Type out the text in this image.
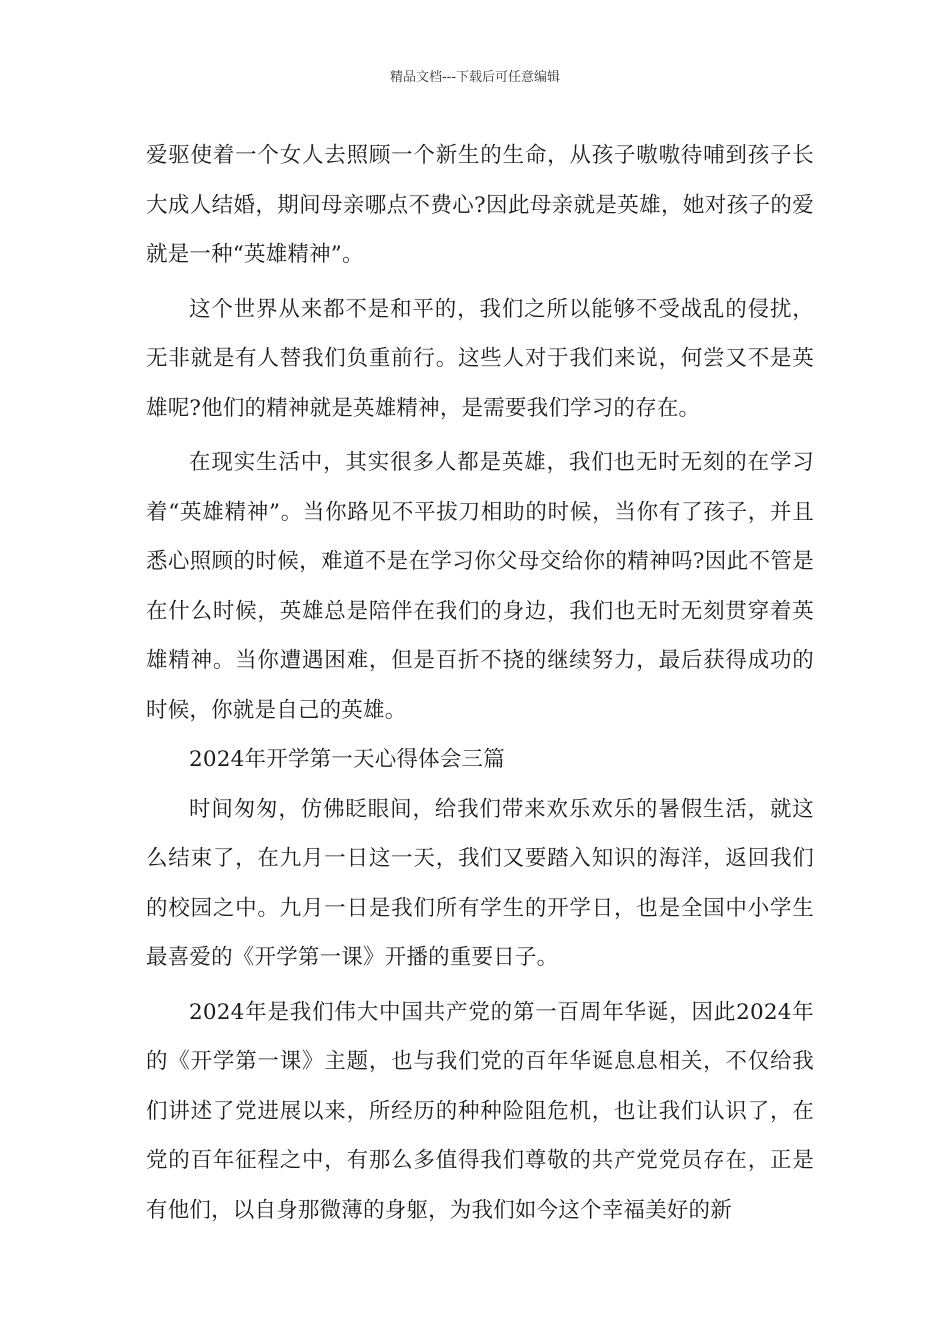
精品文档---下载后可任意编辑

爱驱使着一个女人去照顾一个新生的生命，从孩子嗷嗷待哺到孩子长大成人结婚，期间母亲哪点不费心?因此母亲就是英雄，她对孩子的爱就是一种“英雄精神”。

这个世界从来都不是和平的，我们之所以能够不受战乱的侵扰，无非就是有人替我们负重前行。这些人对于我们来说，何尝又不是英雄呢?他们的精神就是英雄精神，是需要我们学习的存在。

在现实生活中，其实很多人都是英雄，我们也无时无刻的在学习着“英雄精神”。当你路见不平拔刀相助的时候，当你有了孩子，并且悉心照顾的时候，难道不是在学习你父母交给你的精神吗?因此不管是在什么时候，英雄总是陪伴在我们的身边，我们也无时无刻贯穿着英雄精神。当你遭遇困难，但是百折不挠的继续努力，最后获得成功的时候，你就是自己的英雄。

2024年开学第一天心得体会三篇

时间匆匆，仿佛眨眼间，给我们带来欢乐欢乐的暑假生活，就这么结束了，在九月一日这一天，我们又要踏入知识的海洋，返回我们的校园之中。九月一日是我们所有学生的开学日，也是全国中小学生最喜爱的《开学第一课》开播的重要日子。

2024年是我们伟大中国共产党的第一百周年华诞，因此2024年的《开学第一课》主题，也与我们党的百年华诞息息相关，不仅给我们讲述了党进展以来，所经历的种种险阻危机，也让我们认识了，在党的百年征程之中，有那么多值得我们尊敬的共产党党员存在，正是有他们，以自身那微薄的身躯，为我们如今这个幸福美好的新
